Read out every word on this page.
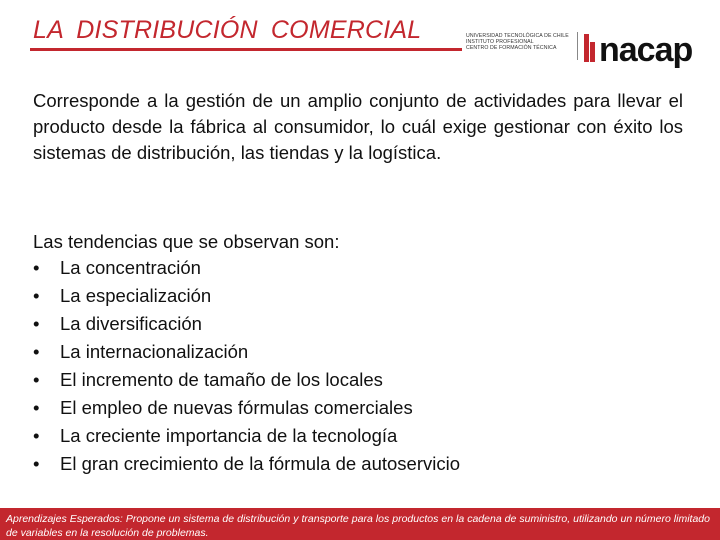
LA DISTRIBUCIÓN COMERCIAL	UNIVERSIDAD TECNOLÓGICA DE CHILE
INSTITUTO PROFESIONAL
CENTRO DE FORMACIÓN TÉCNICA	nacap
Corresponde a la gestión de un amplio conjunto de actividades para llevar el producto desde la fábrica al consumidor, lo cuál exige gestionar con éxito los sistemas de distribución, las tiendas y la logística.
Las tendencias que se observan son:
• La concentración
• La especialización
• La diversificación
• La internacionalización
• El incremento de tamaño de los locales
• El empleo de nuevas fórmulas comerciales
• La creciente importancia de la tecnología
• El gran crecimiento de la fórmula de autoservicio
Aprendizajes Esperados: Propone un sistema de distribución y transporte para los productos en la cadena de suministro, utilizando un número limitado de variables en la resolución de problemas.
